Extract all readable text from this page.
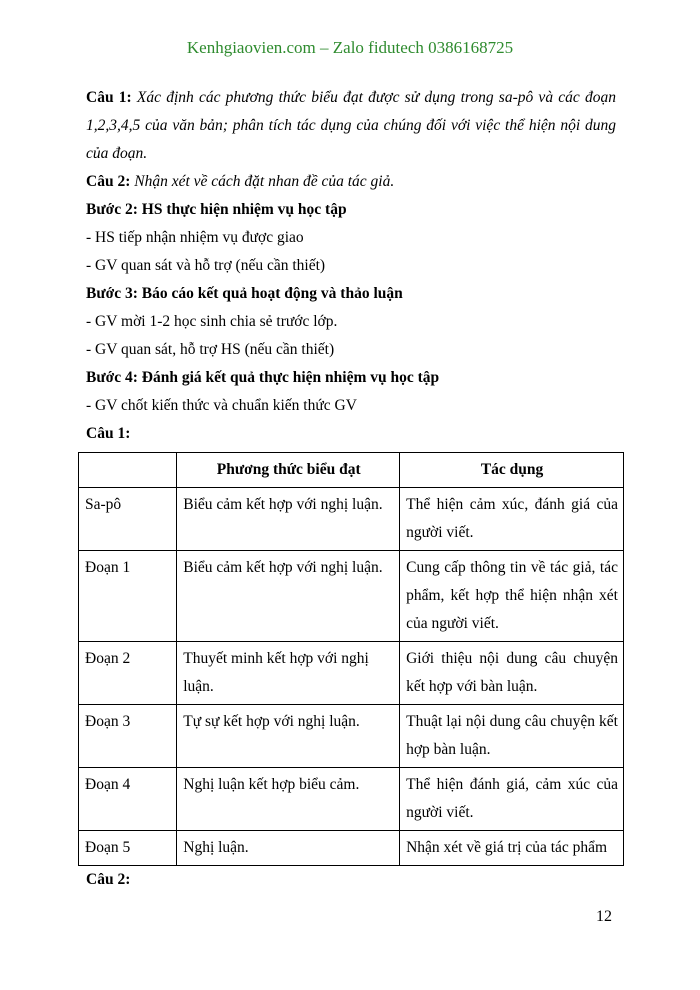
Kenhgiaovien.com – Zalo fidutech 0386168725

Câu 1: Xác định các phương thức biểu đạt được sử dụng trong sa-pô và các đoạn 1,2,3,4,5 của văn bản; phân tích tác dụng của chúng đối với việc thể hiện nội dung của đoạn.

Câu 2: Nhận xét về cách đặt nhan đề của tác giả.

Bước 2: HS thực hiện nhiệm vụ học tập

- HS tiếp nhận nhiệm vụ được giao

- GV quan sát và hỗ trợ (nếu cần thiết)

Bước 3: Báo cáo kết quả hoạt động và thảo luận

- GV mời 1-2 học sinh chia sẻ trước lớp.

- GV quan sát, hỗ trợ HS (nếu cần thiết)

Bước 4: Đánh giá kết quả thực hiện nhiệm vụ học tập

- GV chốt kiến thức và chuẩn kiến thức GV

Câu 1:

	Phương thức biểu đạt	Tác dụng
Sa-pô	Biểu cảm kết hợp với nghị luận.	Thể hiện cảm xúc, đánh giá của người viết.
Đoạn 1	Biểu cảm kết hợp với nghị luận.	Cung cấp thông tin về tác giả, tác phẩm, kết hợp thể hiện nhận xét của người viết.
Đoạn 2	Thuyết minh kết hợp với nghị luận.	Giới thiệu nội dung câu chuyện kết hợp với bàn luận.
Đoạn 3	Tự sự kết hợp với nghị luận.	Thuật lại nội dung câu chuyện kết hợp bàn luận.
Đoạn 4	Nghị luận kết hợp biểu cảm.	Thể hiện đánh giá, cảm xúc của người viết.
Đoạn 5	Nghị luận.	Nhận xét về giá trị của tác phẩm

Câu 2:

12
